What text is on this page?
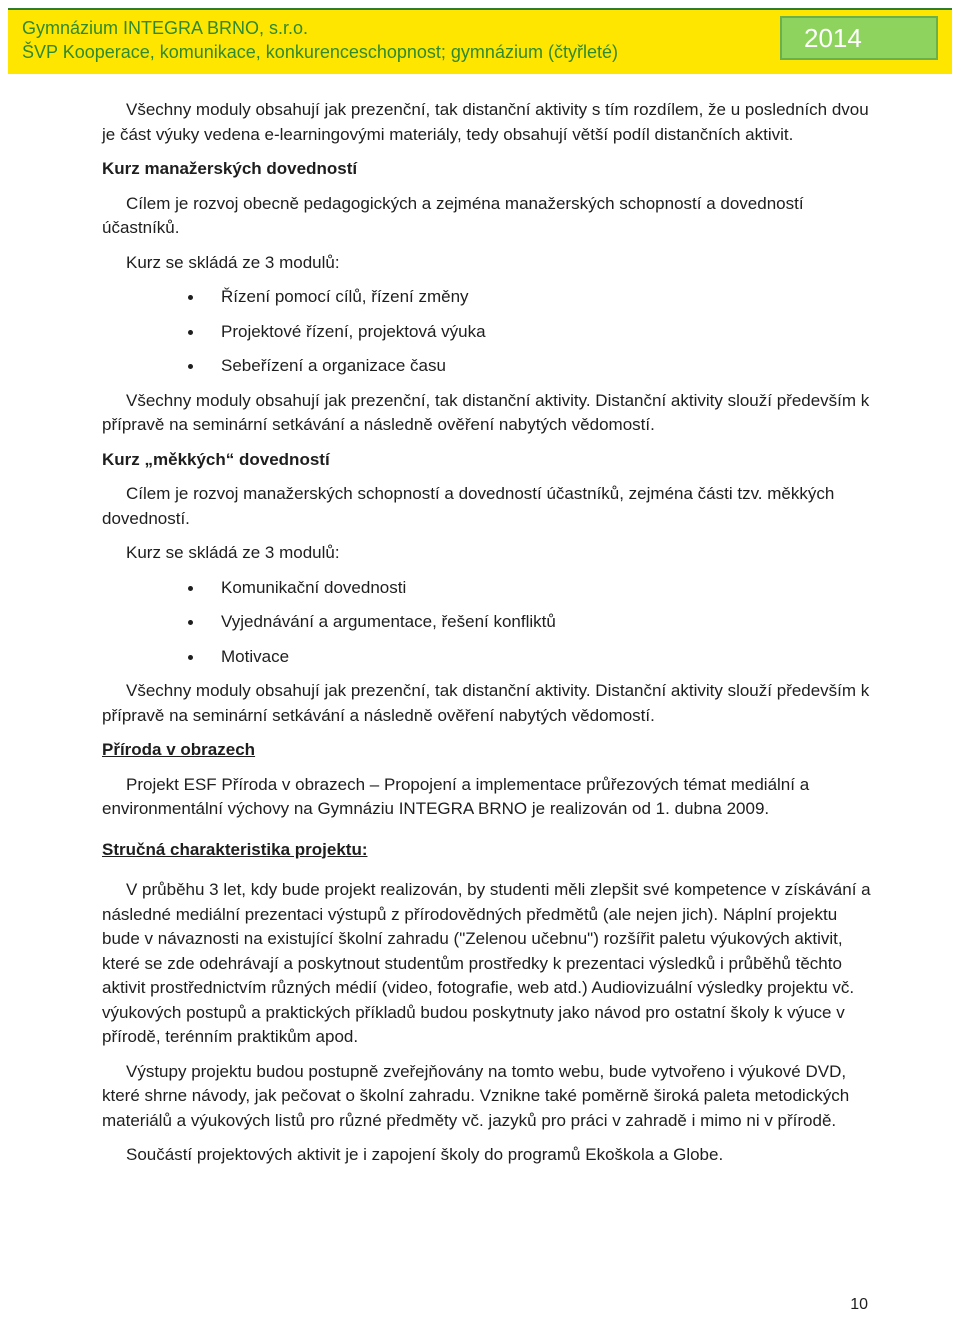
Gymnázium INTEGRA BRNO, s.r.o.
ŠVP Kooperace, komunikace, konkurenceschopnost; gymnázium (čtyřleté)	2014

Všechny moduly obsahují jak prezenční, tak distanční aktivity s tím rozdílem, že u posledních dvou je část výuky vedena e-learningovými materiály, tedy obsahují větší podíl distančních aktivit.

Kurz manažerských dovedností

Cílem je rozvoj obecně pedagogických a zejména manažerských schopností a dovedností účastníků.

Kurz se skládá ze 3 modulů:

Řízení pomocí cílů, řízení změny
Projektové řízení, projektová výuka
Sebeřízení a organizace času

Všechny moduly obsahují jak prezenční, tak distanční aktivity. Distanční aktivity slouží především k přípravě na seminární setkávání a následně ověření nabytých vědomostí.

Kurz „měkkých“ dovedností

Cílem je rozvoj manažerských schopností a dovedností účastníků, zejména části tzv. měkkých dovedností.

Kurz se skládá ze 3 modulů:

Komunikační dovednosti
Vyjednávání a argumentace, řešení konfliktů
Motivace

Všechny moduly obsahují jak prezenční, tak distanční aktivity. Distanční aktivity slouží především k přípravě na seminární setkávání a následně ověření nabytých vědomostí.

Příroda v obrazech

Projekt ESF Příroda v obrazech – Propojení a implementace průřezových témat mediální a environmentální výchovy na Gymnáziu INTEGRA BRNO je realizován od 1. dubna 2009.

Stručná charakteristika projektu:

V průběhu 3 let, kdy bude projekt realizován, by studenti měli zlepšit své kompetence v získávání a následné mediální prezentaci výstupů z přírodovědných předmětů (ale nejen jich). Náplní projektu bude v návaznosti na existující školní zahradu ("Zelenou učebnu") rozšířit paletu výukových aktivit, které se zde odehrávají a poskytnout studentům prostředky k prezentaci výsledků i průběhů těchto aktivit prostřednictvím různých médií (video, fotografie, web atd.) Audiovizuální výsledky projektu vč. výukových postupů a praktických příkladů budou poskytnuty jako návod pro ostatní školy k výuce v přírodě, terénním praktikům apod.

Výstupy projektu budou postupně zveřejňovány na tomto webu, bude vytvořeno i výukové DVD, které shrne návody, jak pečovat o školní zahradu. Vznikne také poměrně široká paleta metodických materiálů a výukových listů pro různé předměty vč. jazyků pro práci v zahradě i mimo ni v přírodě.

Součástí projektových aktivit je i zapojení školy do programů Ekoškola a Globe.

10
